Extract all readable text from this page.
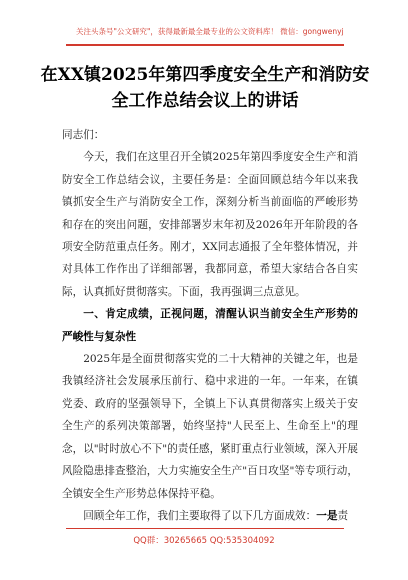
关注头条号"公文研究"，获得最新最全最专业的公文资料库！ 微信：gongwenyj
在XX镇2025年第四季度安全生产和消防安全工作总结会议上的讲话

同志们：

今天，我们在这里召开全镇2025年第四季度安全生产和消防安全工作总结会议，主要任务是：全面回顾总结今年以来我镇抓安全生产与消防安全工作，深刻分析当前面临的严峻形势和存在的突出问题，安排部署岁末年初及2026年开年阶段的各项安全防范重点任务。刚才，XX同志通报了全年整体情况，并对具体工作作出了详细部署，我都同意，希望大家结合各自实际，认真抓好贯彻落实。下面，我再强调三点意见。

一、肯定成绩，正视问题，清醒认识当前安全生产形势的严峻性与复杂性

2025年是全面贯彻落实党的二十大精神的关键之年，也是我镇经济社会发展承压前行、稳中求进的一年。一年来，在镇党委、政府的坚强领导下，全镇上下认真贯彻落实上级关于安全生产的系列决策部署，始终坚持"人民至上、生命至上"的理念，以"时时放心不下"的责任感，紧盯重点行业领域，深入开展风险隐患排查整治，大力实施安全生产"百日攻坚"等专项行动，全镇安全生产形势总体保持平稳。

回顾全年工作，我们主要取得了以下几方面成效：一是责

QQ群：30265665 QQ:535304092
